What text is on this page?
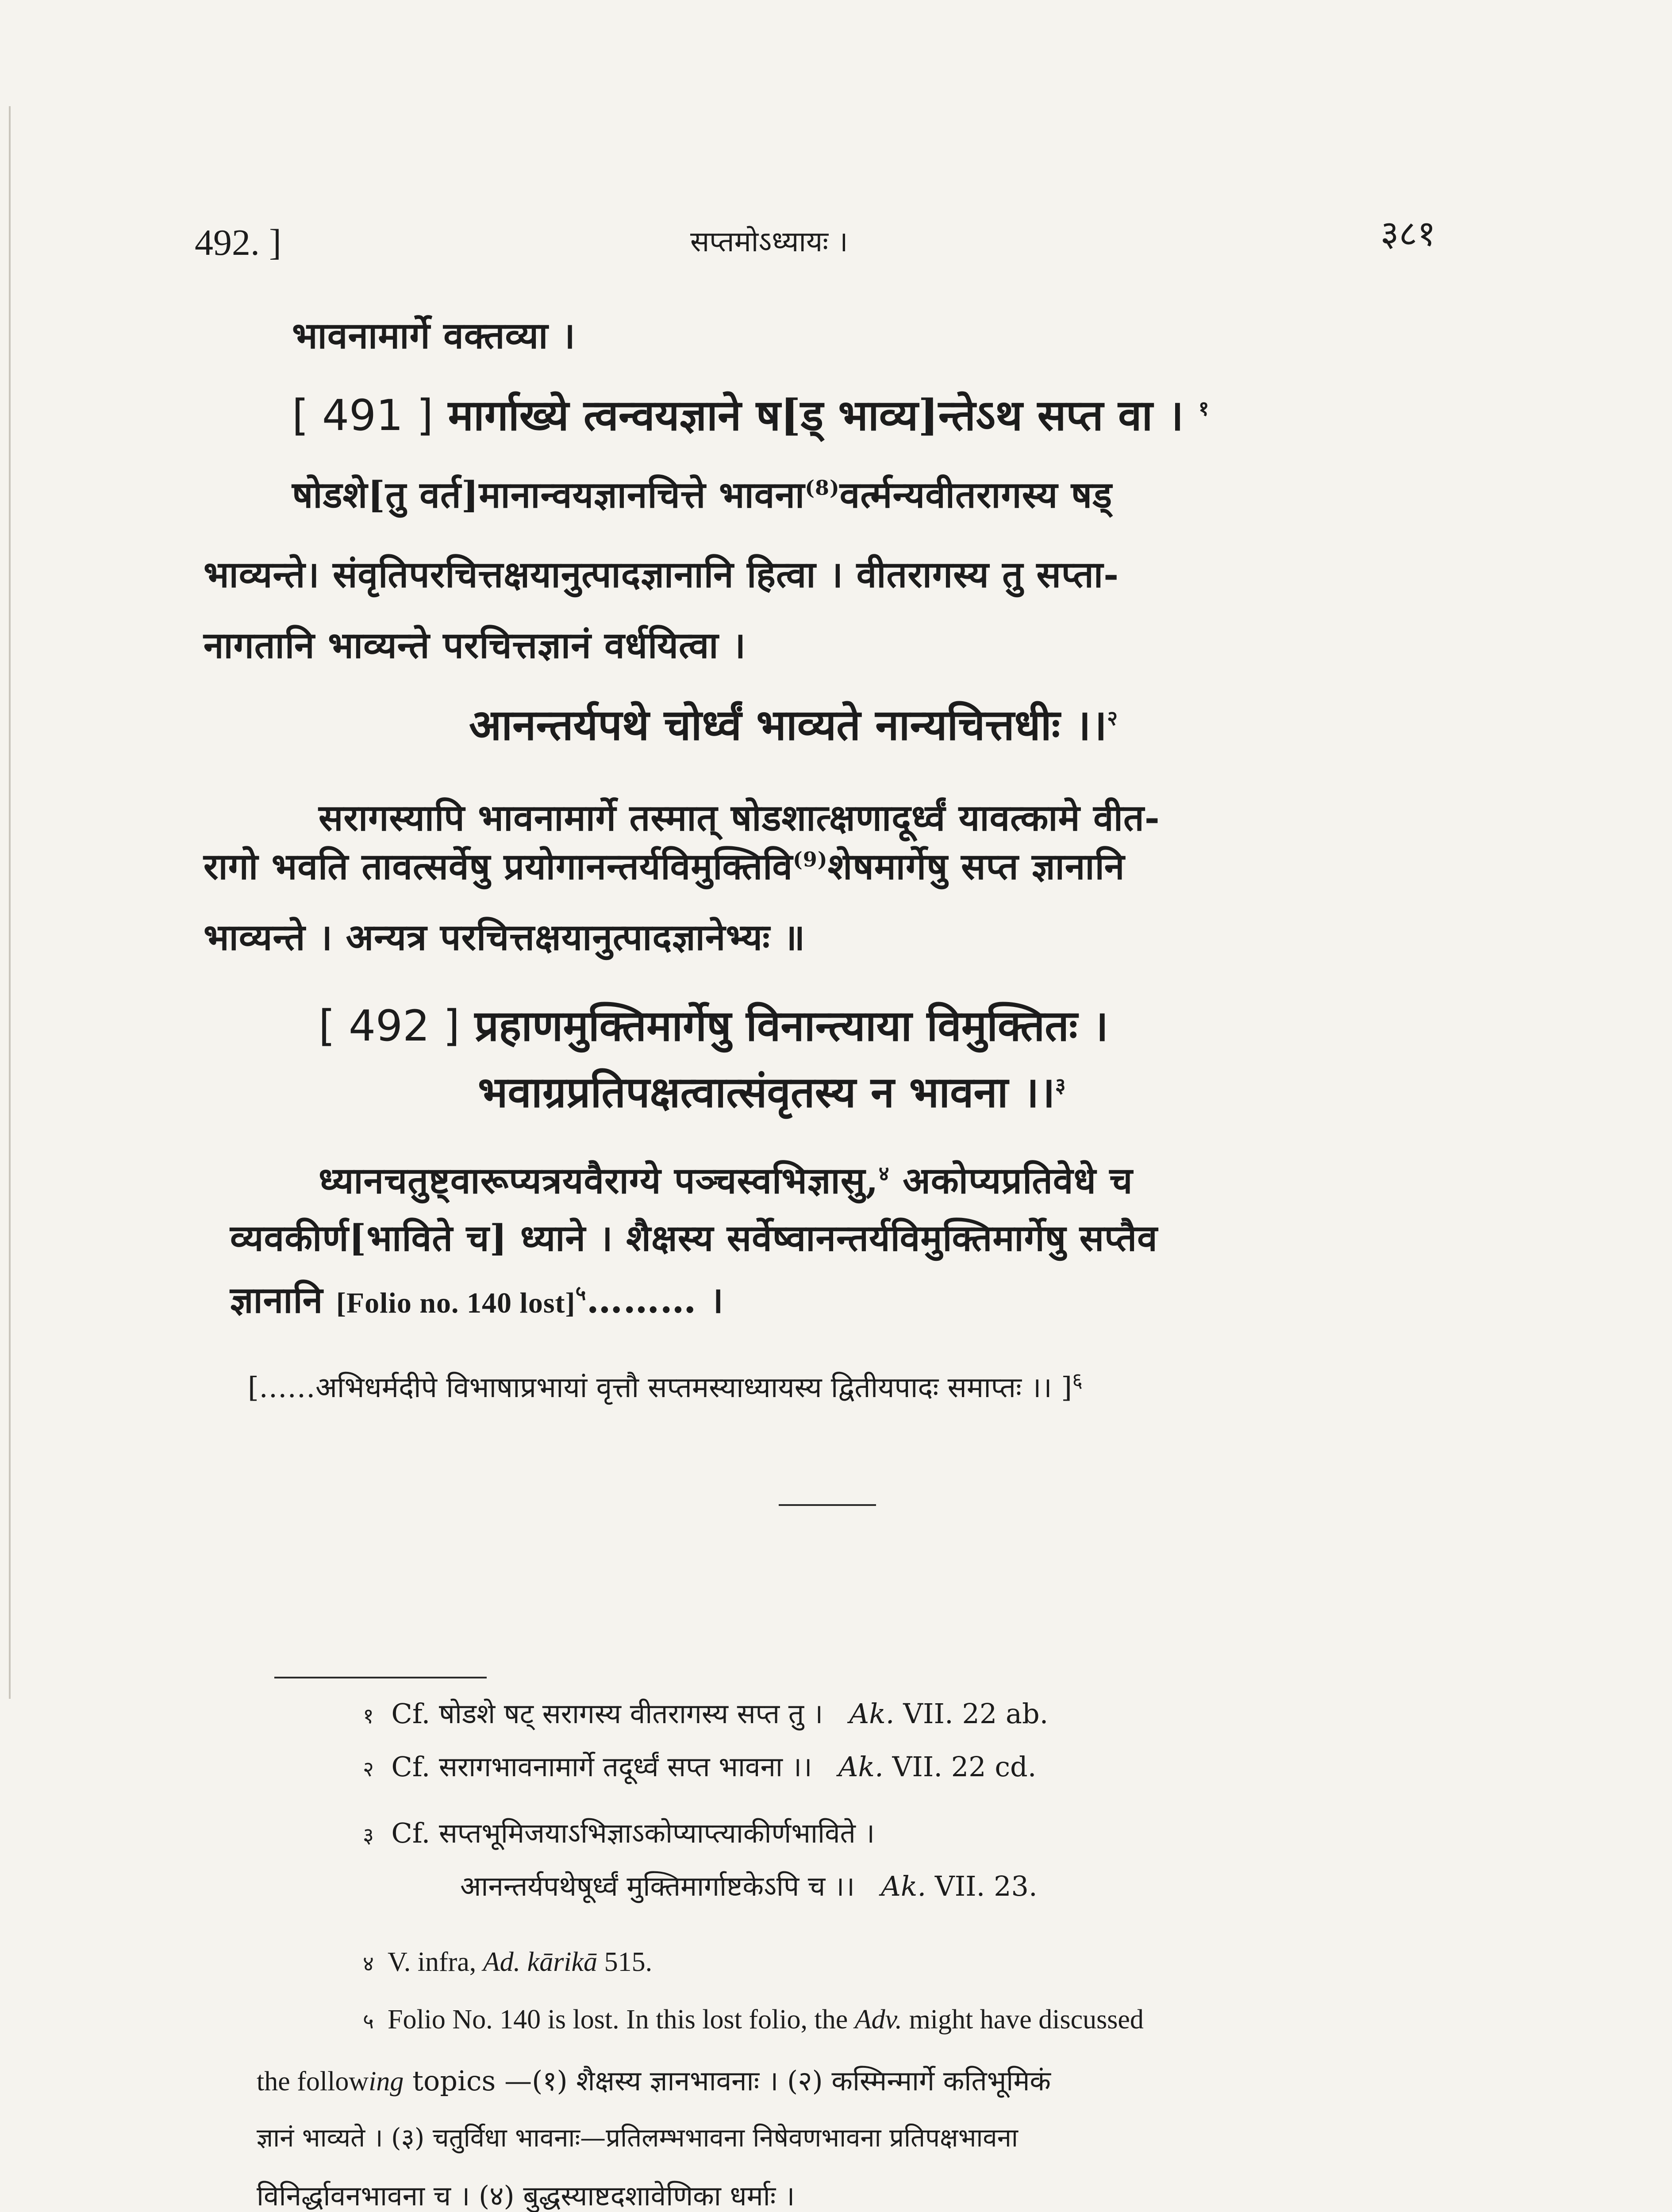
492. ]	सप्तमोऽध्यायः ।	३८१
भावनामार्गे वक्तव्या ।
[ 491 ] मार्गाख्ये त्वन्वयज्ञाने ष[ड् भाव्य]न्तेऽथ सप्त वा । $^१$
षोडशे[तु वर्त]मानान्वयज्ञानचित्ते भावना$^{(8)}$वर्त्मन्यवीतरागस्य षड्
भाव्यन्ते। संवृतिपरचित्तक्षयानुत्पादज्ञानानि हित्वा । वीतरागस्य तु सप्ता-
नागतानि भाव्यन्ते परचित्तज्ञानं वर्धयित्वा ।
आनन्तर्यपथे चोर्ध्वं भाव्यते नान्यचित्तधीः ।।$^२$
सरागस्यापि भावनामार्गे तस्मात् षोडशात्क्षणादूर्ध्वं यावत्कामे वीत-
रागो भवति तावत्सर्वेषु प्रयोगानन्तर्यविमुक्तिवि$^{(9)}$शेषमार्गेषु सप्त ज्ञानानि
भाव्यन्ते । अन्यत्र परचित्तक्षयानुत्पादज्ञानेभ्यः ॥
[ 492 ] प्रहाणमुक्तिमार्गेषु विनान्त्याया विमुक्तितः ।
भवाग्रप्रतिपक्षत्वात्संवृतस्य न भावना ।।$^३$
ध्यानचतुष्ट्वारूप्यत्रयवैराग्ये पञ्चस्वभिज्ञासु,$^४$ अकोप्यप्रतिवेधे च
व्यवकीर्ण[भाविते च] ध्याने । शैक्षस्य सर्वेष्वानन्तर्यविमुक्तिमार्गेषु सप्तैव
ज्ञानानि [Folio no. 140 lost]$^५$……… ।
[……अभिधर्मदीपे विभाषाप्रभायां वृत्तौ सप्तमस्याध्यायस्य द्वितीयपादः समाप्तः ।। ]$^६$
१ Cf. षोडशे षट् सरागस्य वीतरागस्य सप्त तु । Ak. VII. 22 ab.
२ Cf. सरागभावनामार्गे तदूर्ध्वं सप्त भावना ।। Ak. VII. 22 cd.
३ Cf. सप्तभूमिजयाऽभिज्ञाऽकोप्याप्त्याकीर्णभाविते ।
आनन्तर्यपथेषूर्ध्वं मुक्तिमार्गाष्टकेऽपि च ।। Ak. VII. 23.
४ V. infra, Ad. kārikā 515.
५ Folio No. 140 is lost. In this lost folio, the Adv. might have discussed
the following topics —(१) शैक्षस्य ज्ञानभावनाः । (२) कस्मिन्मार्गे कतिभूमिकं
ज्ञानं भाव्यते । (३) चतुर्विधा भावनाः—प्रतिलम्भभावना निषेवणभावना प्रतिपक्षभावना
विनिर्द्धावनभावना च । (४) बुद्धस्याष्टदशावेणिका धर्माः ।
